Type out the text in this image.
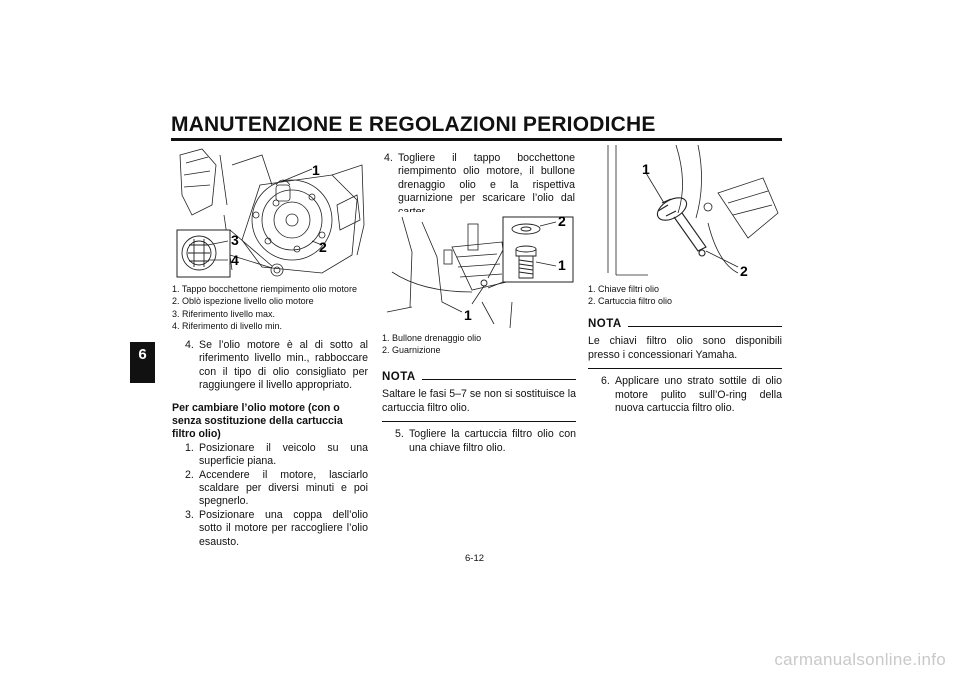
MANUTENZIONE E REGOLAZIONI PERIODICHE
6
1
2
3
4
1. Tappo bocchettone riempimento olio motore
2. Oblò ispezione livello olio motore
3. Riferimento livello max.
4. Riferimento di livello min.
4. Se l’olio motore è al di sotto al riferimento livello min., rabboccare con il tipo di olio consigliato per raggiungere il livello appropriato.
Per cambiare l’olio motore (con o senza sostituzione della cartuccia filtro olio)
1. Posizionare il veicolo su una superficie piana.
2. Accendere il motore, lasciarlo scaldare per diversi minuti e poi spegnerlo.
3. Posizionare una coppa dell’olio sotto il motore per raccogliere l’olio esausto.
4. Togliere il tappo bocchettone riempimento olio motore, il bullone drenaggio olio e la rispettiva guarnizione per scaricare l’olio dal
2
1
1
1. Bullone drenaggio olio
2. Guarnizione
NOTA
Saltare le fasi 5–7 se non si sostituisce la cartuccia filtro olio.
5. Togliere la cartuccia filtro olio con una chiave filtro olio.
1
2
1. Chiave filtri olio
2. Cartuccia filtro olio
NOTA
Le chiavi filtro olio sono disponibili presso i concessionari Yamaha.
6. Applicare uno strato sottile di olio motore pulito sull’O-ring della nuova cartuccia filtro olio.
6-12
carmanualsonline.info
